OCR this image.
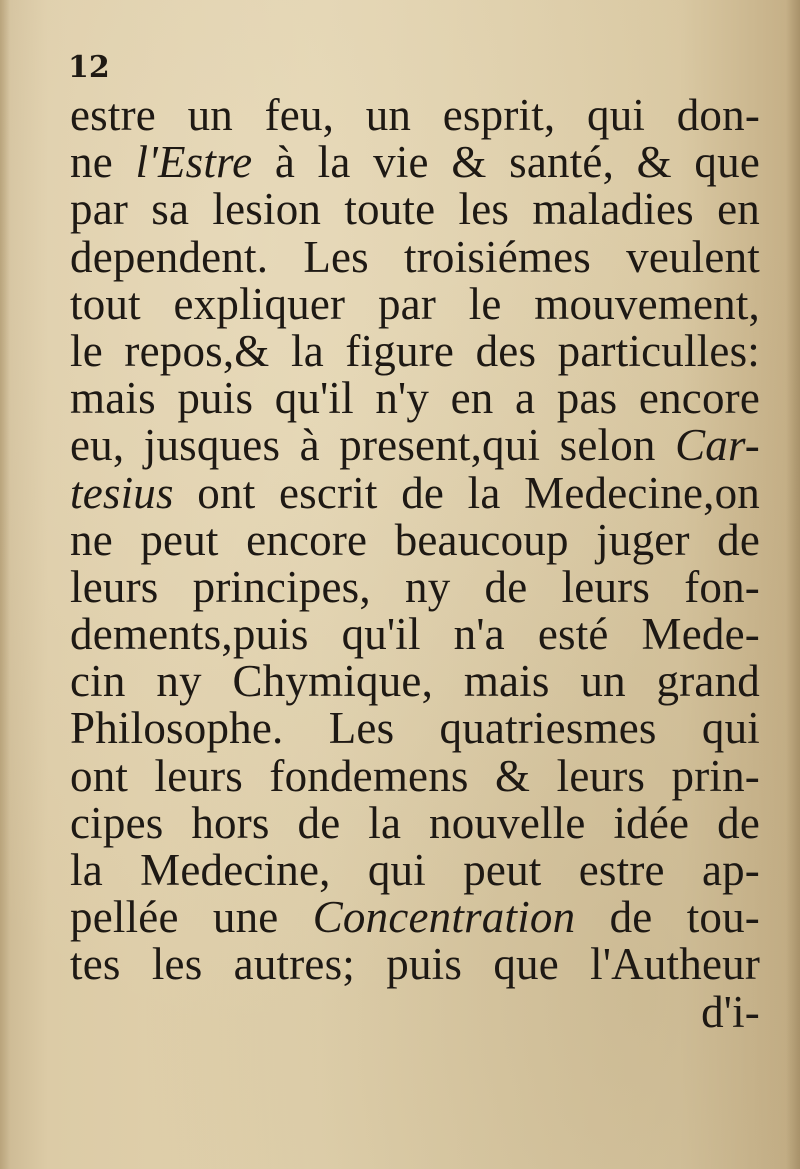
12
estre un feu, un esprit, qui don-
ne l'Estre à la vie & santé, & que
par sa lesion toute les maladies en
dependent. Les troisiémes veulent
tout expliquer par le mouvement,
le repos,& la figure des particulles:
mais puis qu'il n'y en a pas encore
eu, jusques à present,qui selon Car-
tesius ont escrit de la Medecine,on
ne peut encore beaucoup juger de
leurs principes, ny de leurs fon-
dements,puis qu'il n'a esté Mede-
cin ny Chymique, mais un grand
Philosophe. Les quatriesmes qui
ont leurs fondemens & leurs prin-
cipes hors de la nouvelle idée de
la Medecine, qui peut estre ap-
pellée une Concentration de tou-
tes les autres; puis que l'Autheur
d'i-
